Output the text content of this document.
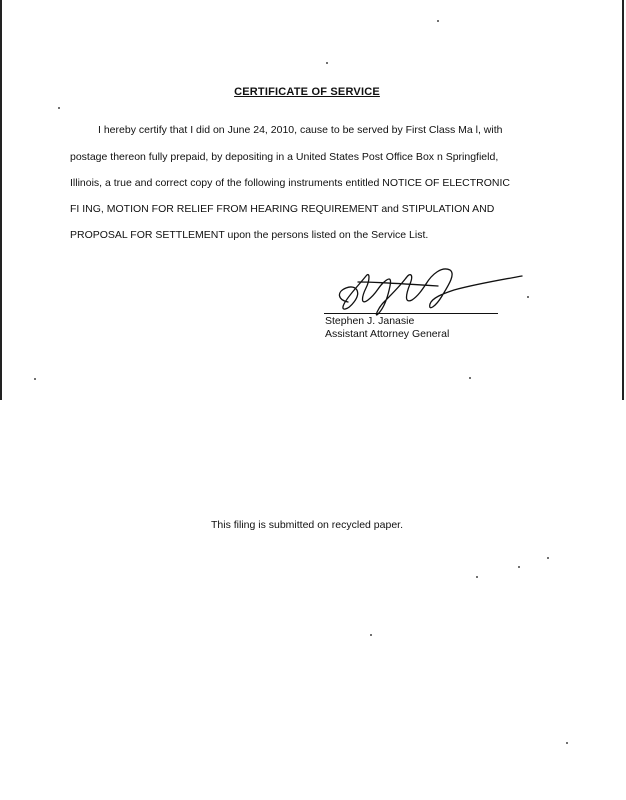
CERTIFICATE OF SERVICE
I hereby certify that I did on June 24, 2010, cause to be served by First Class Ma l, with
postage thereon fully prepaid, by depositing in a United States Post Office Box n Springfield,
Illinois, a true and correct copy of the following instruments entitled NOTICE OF ELECTRONIC
FI ING, MOTION FOR RELIEF FROM HEARING REQUIREMENT and STIPULATION AND
PROPOSAL FOR SETTLEMENT upon the persons listed on the Service List.
Stephen J. Janasie
Assistant Attorney General
This filing is submitted on recycled paper.
